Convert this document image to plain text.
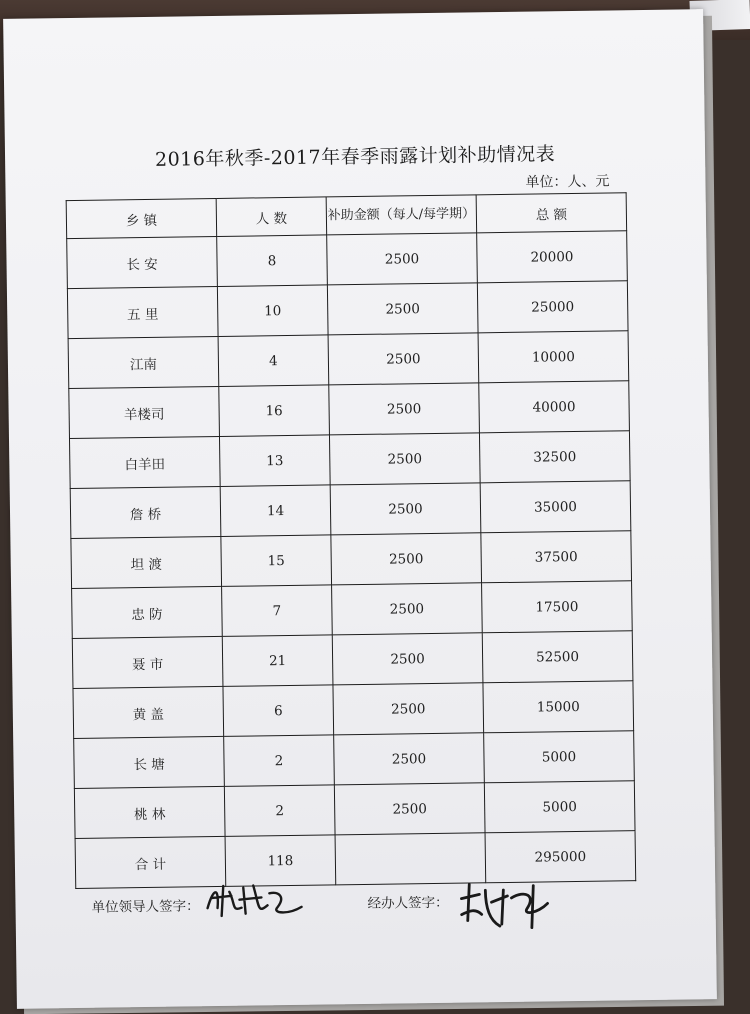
2016年秋季-2017年春季雨露计划补助情况表
单位：人、元
乡 镇	人 数	补助金额（每人/每学期）	总 额
长 安	8	2500	20000
五 里	10	2500	25000
江南	4	2500	10000
羊楼司	16	2500	40000
白羊田	13	2500	32500
詹 桥	14	2500	35000
坦 渡	15	2500	37500
忠 防	7	2500	17500
聂 市	21	2500	52500
黄 盖	6	2500	15000
长 塘	2	2500	5000
桃 林	2	2500	5000
合 计	118		295000
单位领导人签字：	经办人签字：
